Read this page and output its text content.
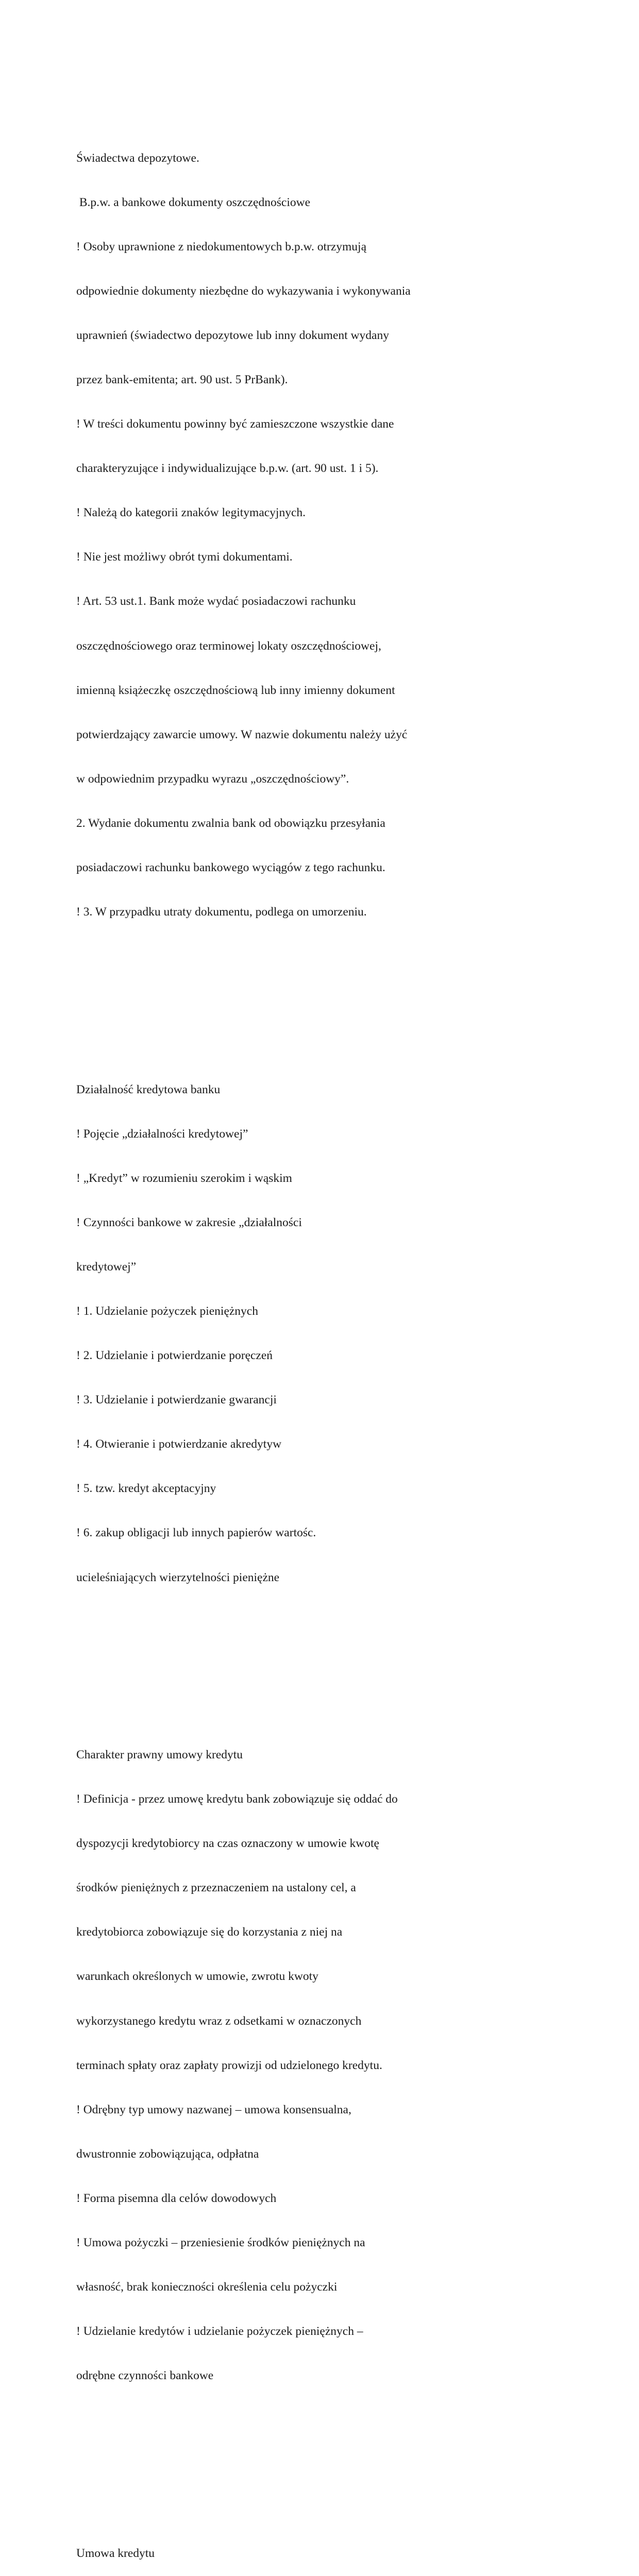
Świadectwa depozytowe.

B.p.w. a bankowe dokumenty oszczędnościowe

! Osoby uprawnione z niedokumentowych b.p.w. otrzymują

odpowiednie dokumenty niezbędne do wykazywania i wykonywania

uprawnień (świadectwo depozytowe lub inny dokument wydany

przez bank-emitenta; art. 90 ust. 5 PrBank).

! W treści dokumentu powinny być zamieszczone wszystkie dane

charakteryzujące i indywidualizujące b.p.w. (art. 90 ust. 1 i 5).

! Należą do kategorii znaków legitymacyjnych.

! Nie jest możliwy obrót tymi dokumentami.

! Art. 53 ust.1. Bank może wydać posiadaczowi rachunku

oszczędnościowego oraz terminowej lokaty oszczędnościowej,

imienną książeczkę oszczędnościową lub inny imienny dokument

potwierdzający zawarcie umowy. W nazwie dokumentu należy użyć

w odpowiednim przypadku wyrazu „oszczędnościowy”.

2. Wydanie dokumentu zwalnia bank od obowiązku przesyłania

posiadaczowi rachunku bankowego wyciągów z tego rachunku.

! 3. W przypadku utraty dokumentu, podlega on umorzeniu.

Działalność kredytowa banku

! Pojęcie „działalności kredytowej”

! „Kredyt” w rozumieniu szerokim i wąskim

! Czynności bankowe w zakresie „działalności

kredytowej”

! 1. Udzielanie pożyczek pieniężnych

! 2. Udzielanie i potwierdzanie poręczeń

! 3. Udzielanie i potwierdzanie gwarancji

! 4. Otwieranie i potwierdzanie akredytyw

! 5. tzw. kredyt akceptacyjny

! 6. zakup obligacji lub innych papierów wartośc.

ucieleśniających wierzytelności pieniężne

Charakter prawny umowy kredytu

! Definicja - przez umowę kredytu bank zobowiązuje się oddać do

dyspozycji kredytobiorcy na czas oznaczony w umowie kwotę

środków pieniężnych z przeznaczeniem na ustalony cel, a

kredytobiorca zobowiązuje się do korzystania z niej na

warunkach określonych w umowie, zwrotu kwoty

wykorzystanego kredytu wraz z odsetkami w oznaczonych

terminach spłaty oraz zapłaty prowizji od udzielonego kredytu.

! Odrębny typ umowy nazwanej – umowa konsensualna,

dwustronnie zobowiązująca, odpłatna

! Forma pisemna dla celów dowodowych

! Umowa pożyczki – przeniesienie środków pieniężnych na

własność, brak konieczności określenia celu pożyczki

! Udzielanie kredytów i udzielanie pożyczek pieniężnych –

odrębne czynności bankowe

Umowa kredytu
